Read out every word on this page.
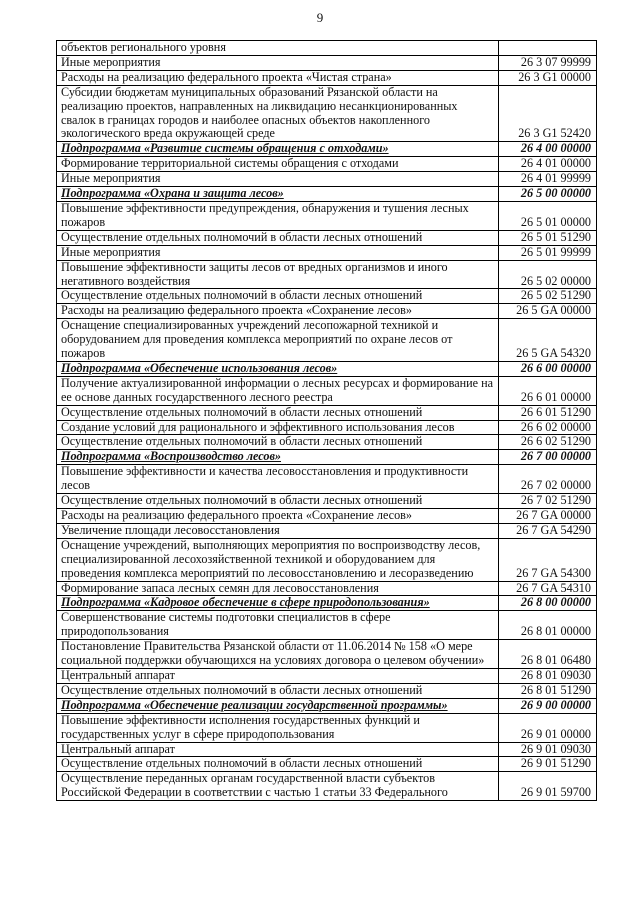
9
объектов регионального уровня	
Иные мероприятия	26 3 07 99999
Расходы на реализацию федерального проекта «Чистая страна»	26 3 G1 00000
Субсидии бюджетам муниципальных образований Рязанской области на реализацию проектов, направленных на ликвидацию несанкционированных свалок в границах городов и наиболее опасных объектов накопленного экологического вреда окружающей среде	26 3 G1 52420
Подпрограмма «Развитие системы обращения с отходами»	26 4 00 00000
Формирование территориальной системы обращения с отходами	26 4 01 00000
Иные мероприятия	26 4 01 99999
Подпрограмма «Охрана и защита лесов»	26 5 00 00000
Повышение эффективности предупреждения, обнаружения и тушения лесных пожаров	26 5 01 00000
Осуществление отдельных полномочий в области лесных отношений	26 5 01 51290
Иные мероприятия	26 5 01 99999
Повышение эффективности защиты лесов от вредных организмов и иного негативного воздействия	26 5 02 00000
Осуществление отдельных полномочий в области лесных отношений	26 5 02 51290
Расходы на реализацию федерального проекта «Сохранение лесов»	26 5 GA 00000
Оснащение специализированных учреждений лесопожарной техникой и оборудованием для проведения комплекса мероприятий по охране лесов от пожаров	26 5 GA 54320
Подпрограмма «Обеспечение использования лесов»	26 6 00 00000
Получение актуализированной информации о лесных ресурсах и формирование на ее основе данных государственного лесного реестра	26 6 01 00000
Осуществление отдельных полномочий в области лесных отношений	26 6 01 51290
Создание условий для рационального и эффективного использования лесов	26 6 02 00000
Осуществление отдельных полномочий в области лесных отношений	26 6 02 51290
Подпрограмма «Воспроизводство лесов»	26 7 00 00000
Повышение эффективности и качества лесовосстановления и продуктивности лесов	26 7 02 00000
Осуществление отдельных полномочий в области лесных отношений	26 7 02 51290
Расходы на реализацию федерального проекта «Сохранение лесов»	26 7 GA 00000
Увеличение площади лесовосстановления	26 7 GA 54290
Оснащение учреждений, выполняющих мероприятия по воспроизводству лесов, специализированной лесохозяйственной техникой и оборудованием для проведения комплекса мероприятий по лесовосстановлению и лесоразведению	26 7 GA 54300
Формирование запаса лесных семян для лесовосстановления	26 7 GA 54310
Подпрограмма «Кадровое обеспечение в сфере природопользования»	26 8 00 00000
Совершенствование системы подготовки специалистов в сфере природопользования	26 8 01 00000
Постановление Правительства Рязанской области от 11.06.2014 № 158 «О мере социальной поддержки обучающихся на условиях договора о целевом обучении»	26 8 01 06480
Центральный аппарат	26 8 01 09030
Осуществление отдельных полномочий в области лесных отношений	26 8 01 51290
Подпрограмма «Обеспечение реализации государственной программы»	26 9 00 00000
Повышение эффективности исполнения государственных функций и государственных услуг в сфере природопользования	26 9 01 00000
Центральный аппарат	26 9 01 09030
Осуществление отдельных полномочий в области лесных отношений	26 9 01 51290
Осуществление переданных органам государственной власти субъектов Российской Федерации в соответствии с частью 1 статьи 33 Федерального	26 9 01 59700
